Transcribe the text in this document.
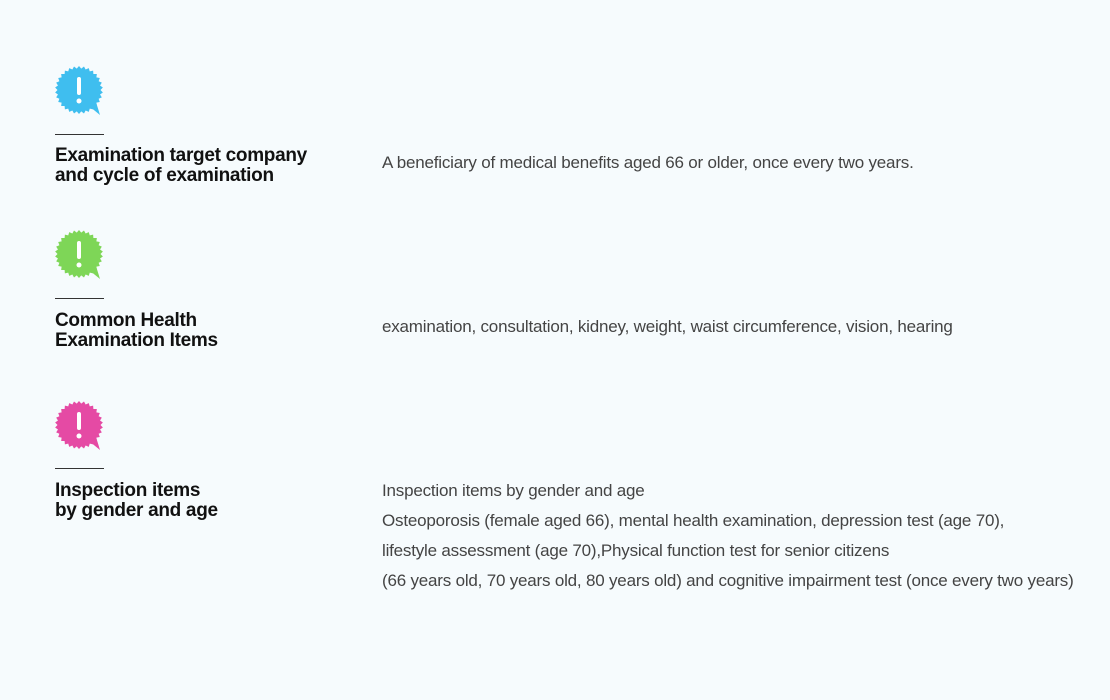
Examination target company
and cycle of examination
A beneficiary of medical benefits aged 66 or older, once every two years.
Common Health
Examination Items
examination, consultation, kidney, weight, waist circumference, vision, hearing
Inspection items
by gender and age
Inspection items by gender and age
Osteoporosis (female aged 66), mental health examination, depression test (age 70),
lifestyle assessment (age 70),Physical function test for senior citizens
(66 years old, 70 years old, 80 years old) and cognitive impairment test (once every two years)
